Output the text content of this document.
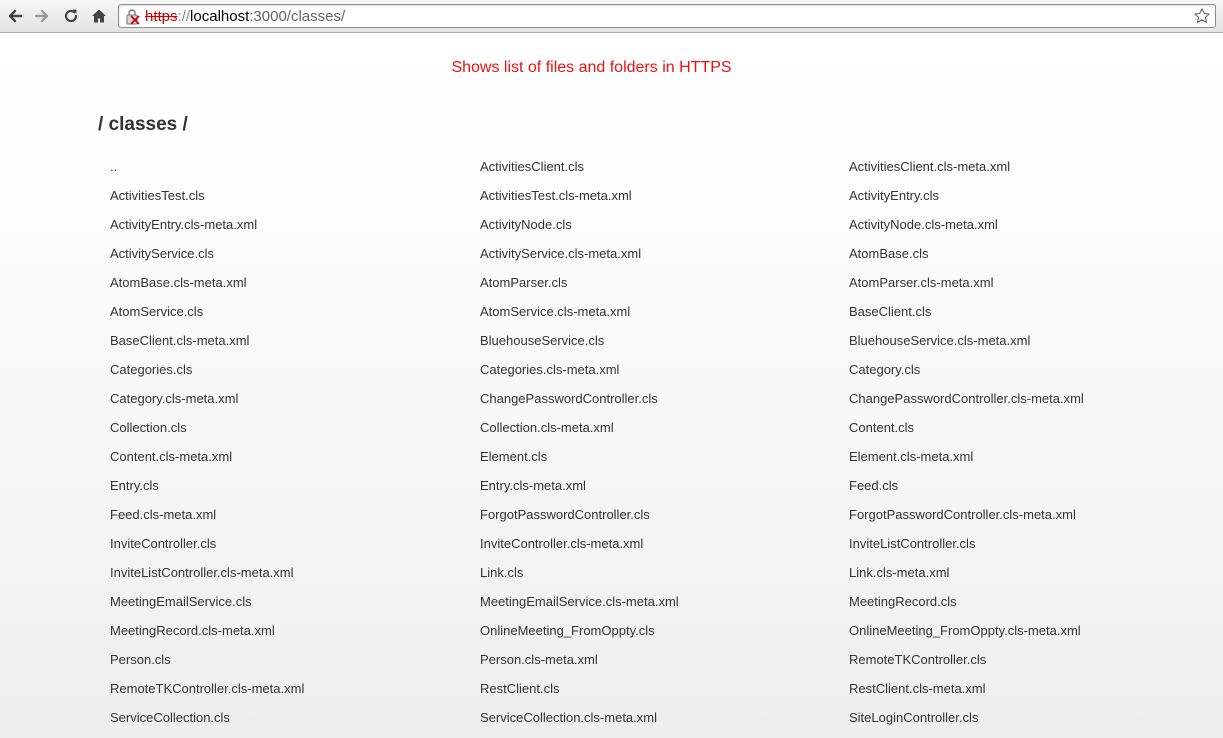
https://localhost:3000/classes/
Shows list of files and folders in HTTPS
/ classes /
..	ActivitiesClient.cls	ActivitiesClient.cls-meta.xml
ActivitiesTest.cls	ActivitiesTest.cls-meta.xml	ActivityEntry.cls
ActivityEntry.cls-meta.xml	ActivityNode.cls	ActivityNode.cls-meta.xml
ActivityService.cls	ActivityService.cls-meta.xml	AtomBase.cls
AtomBase.cls-meta.xml	AtomParser.cls	AtomParser.cls-meta.xml
AtomService.cls	AtomService.cls-meta.xml	BaseClient.cls
BaseClient.cls-meta.xml	BluehouseService.cls	BluehouseService.cls-meta.xml
Categories.cls	Categories.cls-meta.xml	Category.cls
Category.cls-meta.xml	ChangePasswordController.cls	ChangePasswordController.cls-meta.xml
Collection.cls	Collection.cls-meta.xml	Content.cls
Content.cls-meta.xml	Element.cls	Element.cls-meta.xml
Entry.cls	Entry.cls-meta.xml	Feed.cls
Feed.cls-meta.xml	ForgotPasswordController.cls	ForgotPasswordController.cls-meta.xml
InviteController.cls	InviteController.cls-meta.xml	InviteListController.cls
InviteListController.cls-meta.xml	Link.cls	Link.cls-meta.xml
MeetingEmailService.cls	MeetingEmailService.cls-meta.xml	MeetingRecord.cls
MeetingRecord.cls-meta.xml	OnlineMeeting_FromOppty.cls	OnlineMeeting_FromOppty.cls-meta.xml
Person.cls	Person.cls-meta.xml	RemoteTKController.cls
RemoteTKController.cls-meta.xml	RestClient.cls	RestClient.cls-meta.xml
ServiceCollection.cls	ServiceCollection.cls-meta.xml	SiteLoginController.cls
